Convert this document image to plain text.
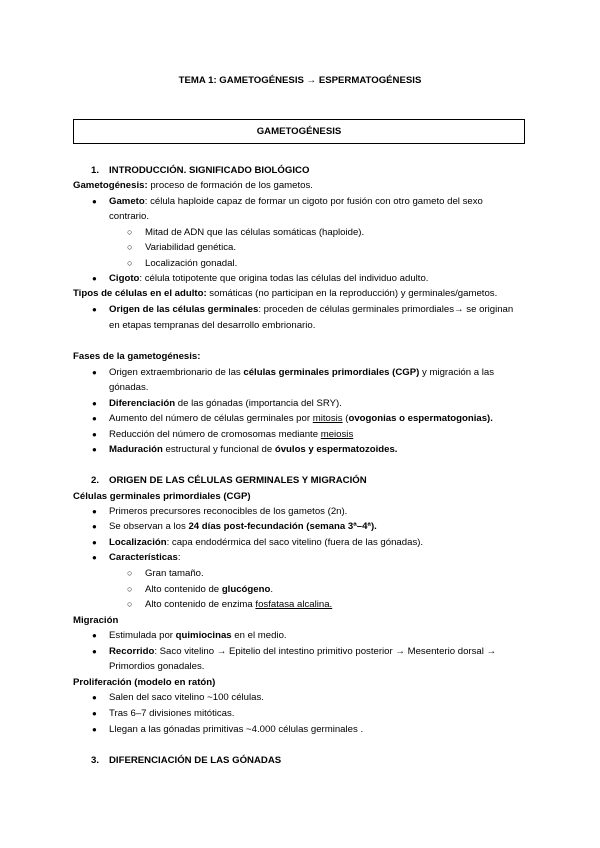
TEMA 1: GAMETOGÉNESIS → ESPERMATOGÉNESIS
GAMETOGÉNESIS
1. INTRODUCCIÓN. SIGNIFICADO BIOLÓGICO
Gametogénesis: proceso de formación de los gametos.
● Gameto: célula haploide capaz de formar un cigoto por fusión con otro gameto del sexo
contrario.
○ Mitad de ADN que las células somáticas (haploide).
○ Variabilidad genética.
○ Localización gonadal.
● Cigoto: célula totipotente que origina todas las células del individuo adulto.
Tipos de células en el adulto: somáticas (no participan en la reproducción) y germinales/gametos.
● Origen de las células germinales: proceden de células germinales primordiales→ se originan
en etapas tempranas del desarrollo embrionario.
Fases de la gametogénesis:
● Origen extraembrionario de las células germinales primordiales (CGP) y migración a las
gónadas.
● Diferenciación de las gónadas (importancia del SRY).
● Aumento del número de células germinales por mitosis (ovogonias o espermatogonias).
● Reducción del número de cromosomas mediante meiosis
● Maduración estructural y funcional de óvulos y espermatozoides.
2. ORIGEN DE LAS CÉLULAS GERMINALES Y MIGRACIÓN
Células germinales primordiales (CGP)
● Primeros precursores reconocibles de los gametos (2n).
● Se observan a los 24 días post-fecundación (semana 3ª–4ª).
● Localización: capa endodérmica del saco vitelino (fuera de las gónadas).
● Características:
○ Gran tamaño.
○ Alto contenido de glucógeno.
○ Alto contenido de enzima fosfatasa alcalina.
Migración
● Estimulada por quimiocinas en el medio.
● Recorrido: Saco vitelino → Epitelio del intestino primitivo posterior → Mesenterio dorsal →
Primordios gonadales.
Proliferación (modelo en ratón)
● Salen del saco vitelino ~100 células.
● Tras 6–7 divisiones mitóticas.
● Llegan a las gónadas primitivas ~4.000 células germinales .
3. DIFERENCIACIÓN DE LAS GÓNADAS
